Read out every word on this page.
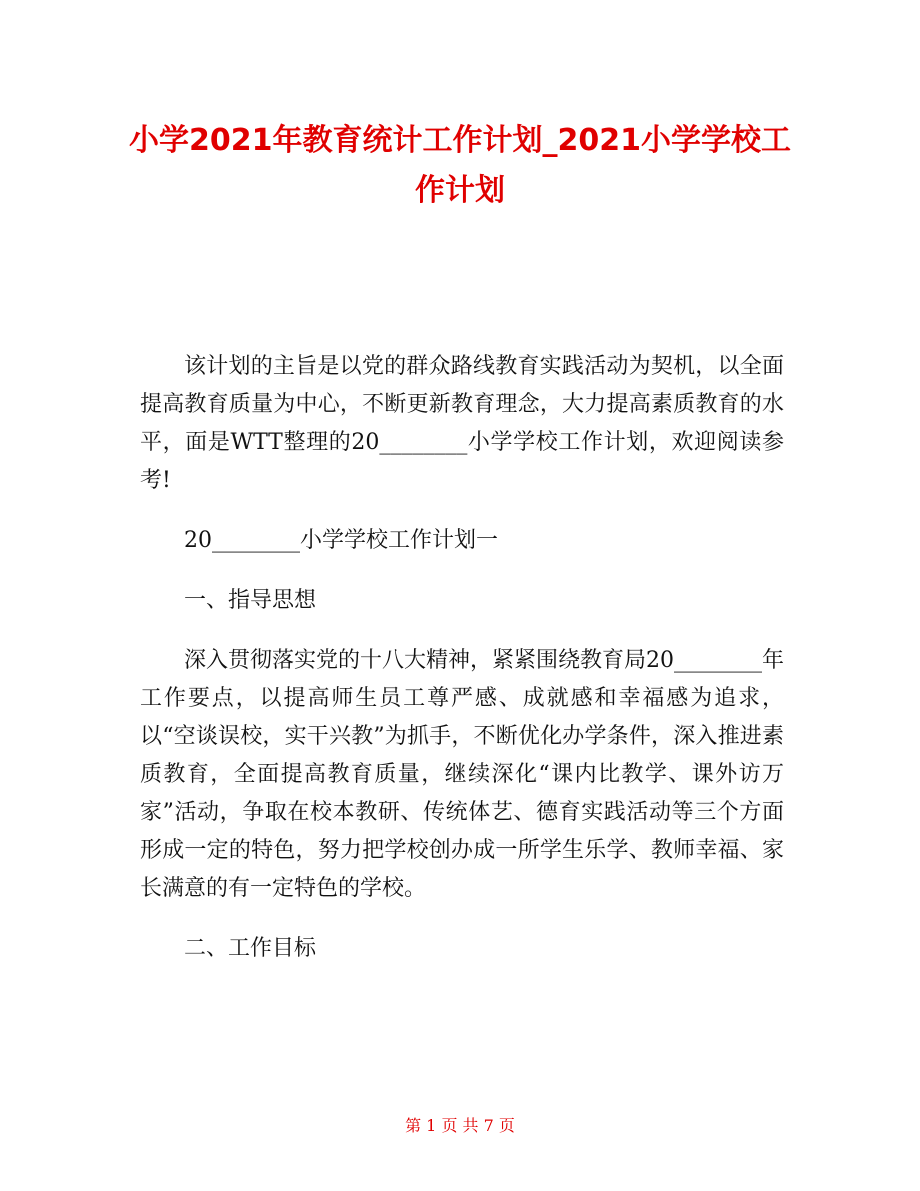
小学2021年教育统计工作计划_2021小学学校工作计划

该计划的主旨是以党的群众路线教育实践活动为契机，以全面提高教育质量为中心，不断更新教育理念，大力提高素质教育的水平，面是WTT整理的20________小学学校工作计划，欢迎阅读参考!

20________小学学校工作计划一

一、指导思想

深入贯彻落实党的十八大精神，紧紧围绕教育局20________年工作要点，以提高师生员工尊严感、成就感和幸福感为追求，以“空谈误校，实干兴教”为抓手，不断优化办学条件，深入推进素质教育，全面提高教育质量，继续深化“课内比教学、课外访万家”活动，争取在校本教研、传统体艺、德育实践活动等三个方面形成一定的特色，努力把学校创办成一所学生乐学、教师幸福、家长满意的有一定特色的学校。

二、工作目标

第 1 页 共 7 页
